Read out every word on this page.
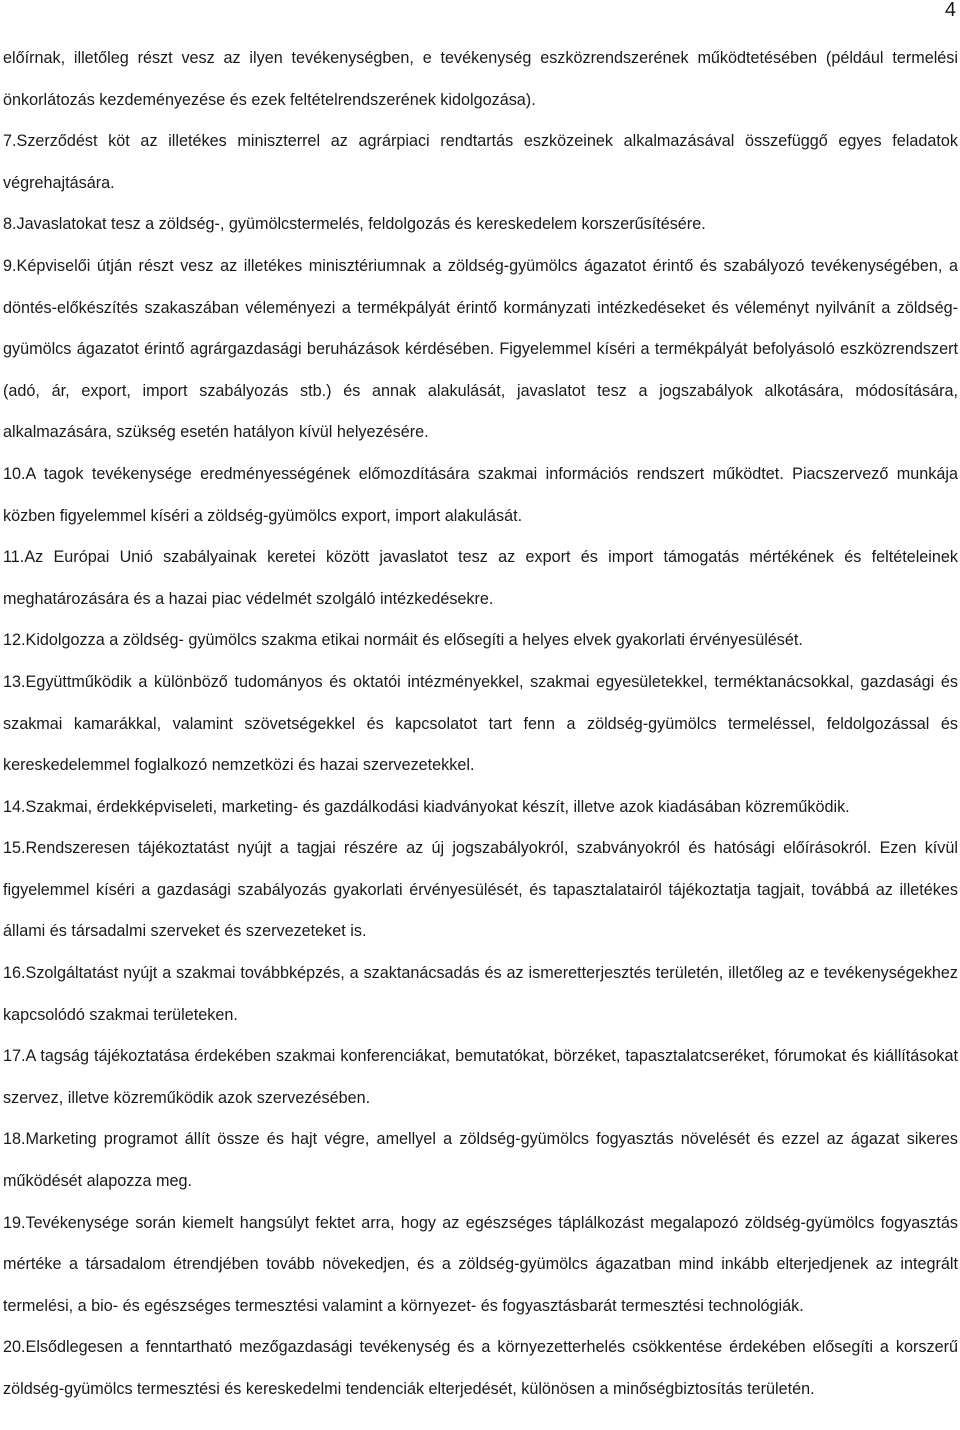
4

előírnak, illetőleg részt vesz az ilyen tevékenységben, e tevékenység eszközrendszerének működtetésében (például termelési önkorlátozás kezdeményezése és ezek feltételrendszerének kidolgozása).

7.Szerződést köt az illetékes miniszterrel az agrárpiaci rendtartás eszközeinek alkalmazásával összefüggő egyes feladatok végrehajtására.

8.Javaslatokat tesz a zöldség-, gyümölcstermelés, feldolgozás és kereskedelem korszerűsítésére.

9.Képviselői útján részt vesz az illetékes minisztériumnak a zöldség-gyümölcs ágazatot érintő és szabályozó tevékenységében, a döntés-előkészítés szakaszában véleményezi a termékpályát érintő kormányzati intézkedéseket és véleményt nyilvánít a zöldség-gyümölcs ágazatot érintő agrárgazdasági beruházások kérdésében. Figyelemmel kíséri a termékpályát befolyásoló eszközrendszert (adó, ár, export, import szabályozás stb.) és annak alakulását, javaslatot tesz a jogszabályok alkotására, módosítására, alkalmazására, szükség esetén hatályon kívül helyezésére.

10.A tagok tevékenysége eredményességének előmozdítására szakmai információs rendszert működtet. Piacszervező munkája közben figyelemmel kíséri a zöldség-gyümölcs export, import alakulását.

11.Az Európai Unió szabályainak keretei között javaslatot tesz az export és import támogatás mértékének és feltételeinek meghatározására és a hazai piac védelmét szolgáló intézkedésekre.

12.Kidolgozza a zöldség- gyümölcs szakma etikai normáit és elősegíti a helyes elvek gyakorlati érvényesülését.

13.Együttműködik a különböző tudományos és oktatói intézményekkel, szakmai egyesületekkel, terméktanácsokkal, gazdasági és szakmai kamarákkal, valamint szövetségekkel és kapcsolatot tart fenn a zöldség-gyümölcs termeléssel, feldolgozással és kereskedelemmel foglalkozó nemzetközi és hazai szervezetekkel.

14.Szakmai, érdekképviseleti, marketing- és gazdálkodási kiadványokat készít, illetve azok kiadásában közreműködik.

15.Rendszeresen tájékoztatást nyújt a tagjai részére az új jogszabályokról, szabványokról és hatósági előírásokról. Ezen kívül figyelemmel kíséri a gazdasági szabályozás gyakorlati érvényesülését, és tapasztalatairól tájékoztatja tagjait, továbbá az illetékes állami és társadalmi szerveket és szervezeteket is.

16.Szolgáltatást nyújt a szakmai továbbképzés, a szaktanácsadás és az ismeretterjesztés területén, illetőleg az e tevékenységekhez kapcsolódó szakmai területeken.

17.A tagság tájékoztatása érdekében szakmai konferenciákat, bemutatókat, börzéket, tapasztalatcseréket, fórumokat és kiállításokat szervez, illetve közreműködik azok szervezésében.

18.Marketing programot állít össze és hajt végre, amellyel a zöldség-gyümölcs fogyasztás növelését és ezzel az ágazat sikeres működését alapozza meg.

19.Tevékenysége során kiemelt hangsúlyt fektet arra, hogy az egészséges táplálkozást megalapozó zöldség-gyümölcs fogyasztás mértéke a társadalom étrendjében tovább növekedjen, és a zöldség-gyümölcs ágazatban mind inkább elterjedjenek az integrált termelési, a bio- és egészséges termesztési valamint a környezet- és fogyasztásbarát termesztési technológiák.

20.Elsődlegesen a fenntartható mezőgazdasági tevékenység és a környezetterhelés csökkentése érdekében elősegíti a korszerű zöldség-gyümölcs termesztési és kereskedelmi tendenciák elterjedését, különösen a minőségbiztosítás területén.
